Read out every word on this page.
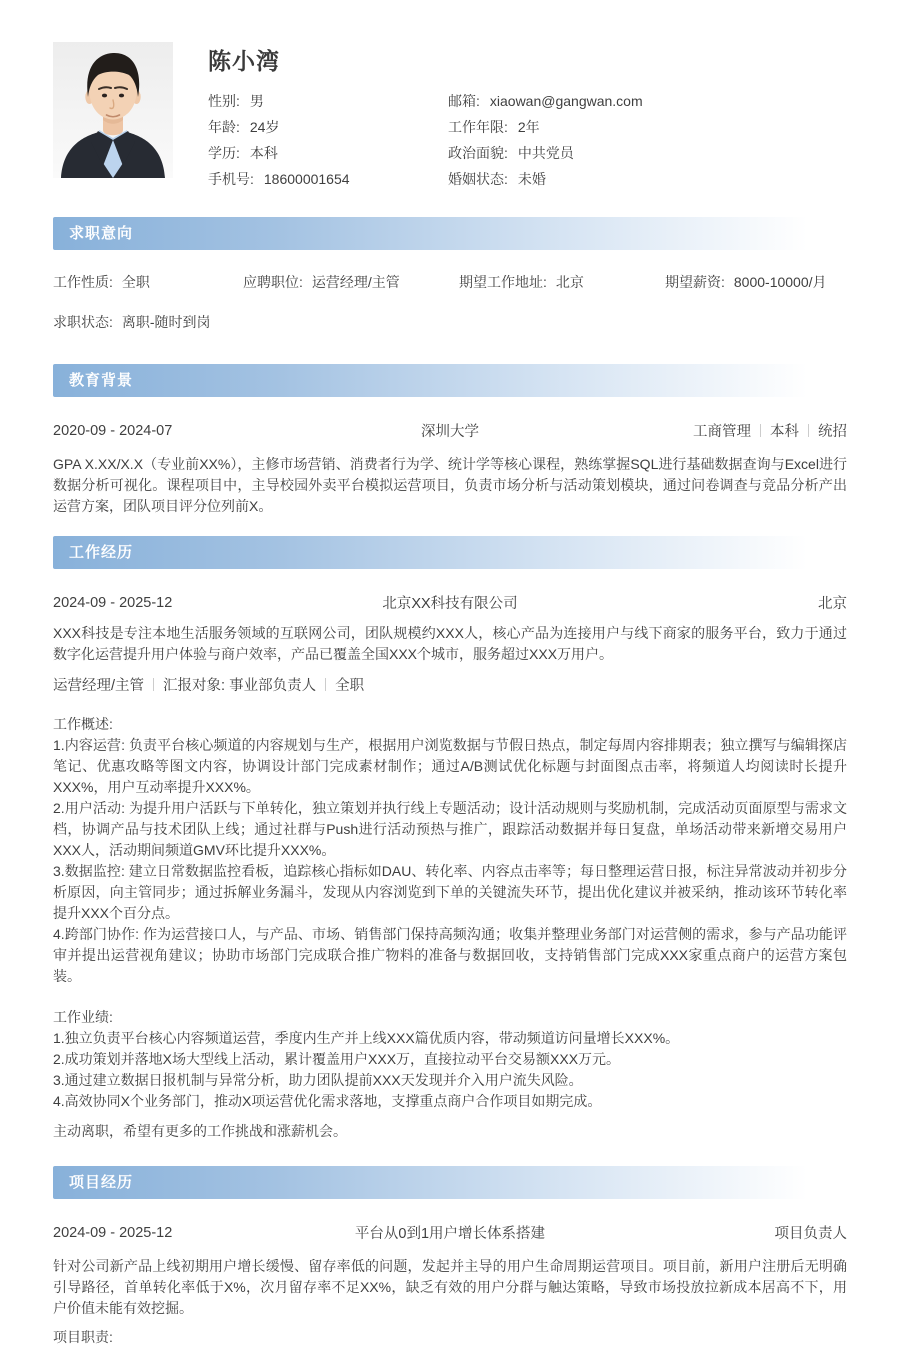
陈小湾
性别: 男	邮箱: xiaowan@gangwan.com
年龄: 24岁	工作年限: 2年
学历: 本科	政治面貌: 中共党员
手机号: 18600001654	婚姻状态: 未婚
求职意向
工作性质: 全职	应聘职位: 运营经理/主管	期望工作地址: 北京	期望薪资: 8000-10000/月
求职状态: 离职-随时到岗
教育背景
2020-09 - 2024-07	深圳大学	工商管理 本科 统招

GPA X.XX/X.X（专业前XX%），主修市场营销、消费者行为学、统计学等核心课程，熟练掌握SQL进行基础数据查询与Excel进行数据分析可视化。课程项目中，主导校园外卖平台模拟运营项目，负责市场分析与活动策划模块，通过问卷调查与竞品分析产出运营方案，团队项目评分位列前X。

工作经历
2024-09 - 2025-12	北京XX科技有限公司	北京

XXX科技是专注本地生活服务领域的互联网公司，团队规模约XXX人，核心产品为连接用户与线下商家的服务平台，致力于通过数字化运营提升用户体验与商户效率，产品已覆盖全国XXX个城市，服务超过XXX万用户。

运营经理/主管 汇报对象: 事业部负责人 全职

工作概述:

1.内容运营: 负责平台核心频道的内容规划与生产，根据用户浏览数据与节假日热点，制定每周内容排期表；独立撰写与编辑探店笔记、优惠攻略等图文内容，协调设计部门完成素材制作；通过A/B测试优化标题与封面图点击率，将频道人均阅读时长提升XXX%，用户互动率提升XXX%。

2.用户活动: 为提升用户活跃与下单转化，独立策划并执行线上专题活动；设计活动规则与奖励机制，完成活动页面原型与需求文档，协调产品与技术团队上线；通过社群与Push进行活动预热与推广，跟踪活动数据并每日复盘，单场活动带来新增交易用户XXX人，活动期间频道GMV环比提升XXX%。

3.数据监控: 建立日常数据监控看板，追踪核心指标如DAU、转化率、内容点击率等；每日整理运营日报，标注异常波动并初步分析原因，向主管同步；通过拆解业务漏斗，发现从内容浏览到下单的关键流失环节，提出优化建议并被采纳，推动该环节转化率提升XXX个百分点。

4.跨部门协作: 作为运营接口人，与产品、市场、销售部门保持高频沟通；收集并整理业务部门对运营侧的需求，参与产品功能评审并提出运营视角建议；协助市场部门完成联合推广物料的准备与数据回收，支持销售部门完成XXX家重点商户的运营方案包装。

工作业绩:

1.独立负责平台核心内容频道运营，季度内生产并上线XXX篇优质内容，带动频道访问量增长XXX%。

2.成功策划并落地X场大型线上活动，累计覆盖用户XXX万，直接拉动平台交易额XXX万元。

3.通过建立数据日报机制与异常分析，助力团队提前XXX天发现并介入用户流失风险。

4.高效协同X个业务部门，推动X项运营优化需求落地，支撑重点商户合作项目如期完成。

主动离职，希望有更多的工作挑战和涨薪机会。

项目经历
2024-09 - 2025-12	平台从0到1用户增长体系搭建	项目负责人

针对公司新产品上线初期用户增长缓慢、留存率低的问题，发起并主导的用户生命周期运营项目。项目前，新用户注册后无明确引导路径，首单转化率低于X%，次月留存率不足XX%，缺乏有效的用户分群与触达策略，导致市场投放拉新成本居高不下，用户价值未能有效挖掘。

项目职责:
